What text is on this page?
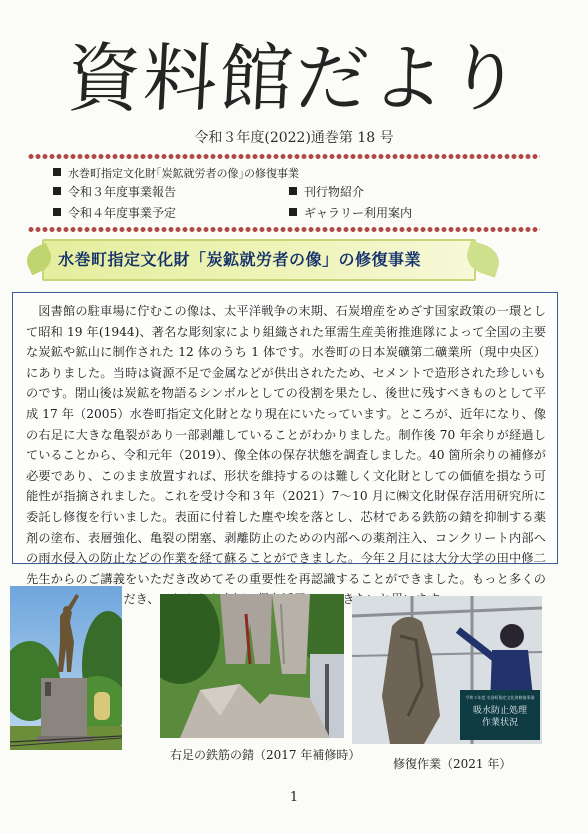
資料館だより
令和３年度(2022)通巻第 18 号
水巻町指定文化財｢炭鉱就労者の像｣の修復事業
令和３年度事業報告	刊行物紹介
令和４年度事業予定	ギャラリー利用案内
水巻町指定文化財「炭鉱就労者の像」の修復事業

図書館の駐車場に佇むこの像は、太平洋戦争の末期、石炭増産をめざす国家政策の一環として昭和 19 年(1944)、著名な彫刻家により組織された軍需生産美術推進隊によって全国の主要な炭鉱や鉱山に制作された 12 体のうち 1 体です。水巻町の日本炭礦第二礦業所（現中央区）にありました。当時は資源不足で金属などが供出されたため、セメントで造形された珍しいものです。閉山後は炭鉱を物語るシンボルとしての役割を果たし、後世に残すべきものとして平成 17 年（2005）水巻町指定文化財となり現在にいたっています。ところが、近年になり、像の右足に大きな亀裂があり一部剥離していることがわかりました。制作後 70 年余りが経過していることから、令和元年（2019）、像全体の保存状態を調査しました。40 箇所余りの補修が必要であり、このまま放置すれば、形状を維持するのは難しく文化財としての価値を損なう可能性が指摘されました。これを受け令和３年（2021）7～10 月に㈱文化財保存活用研究所に委託し修復を行いました。表面に付着した塵や埃を落とし、芯材である鉄筋の錆を抑制する薬剤の塗布、表層強化、亀裂の閉塞、剥離防止のための内部への薬剤注入、コンクリート内部への雨水侵入の防止などの作業を経て蘇ることができました。今年２月には大分大学の田中修二先生からのご講義をいただき改めてその重要性を再認識することができました。もっと多くの ただき、これか き

吸水防止処理
作業状況
令和３年度 水巻町指定文化財修復事業
右足の鉄筋の錆（2017 年補修時）
修復作業（2021 年）
1
